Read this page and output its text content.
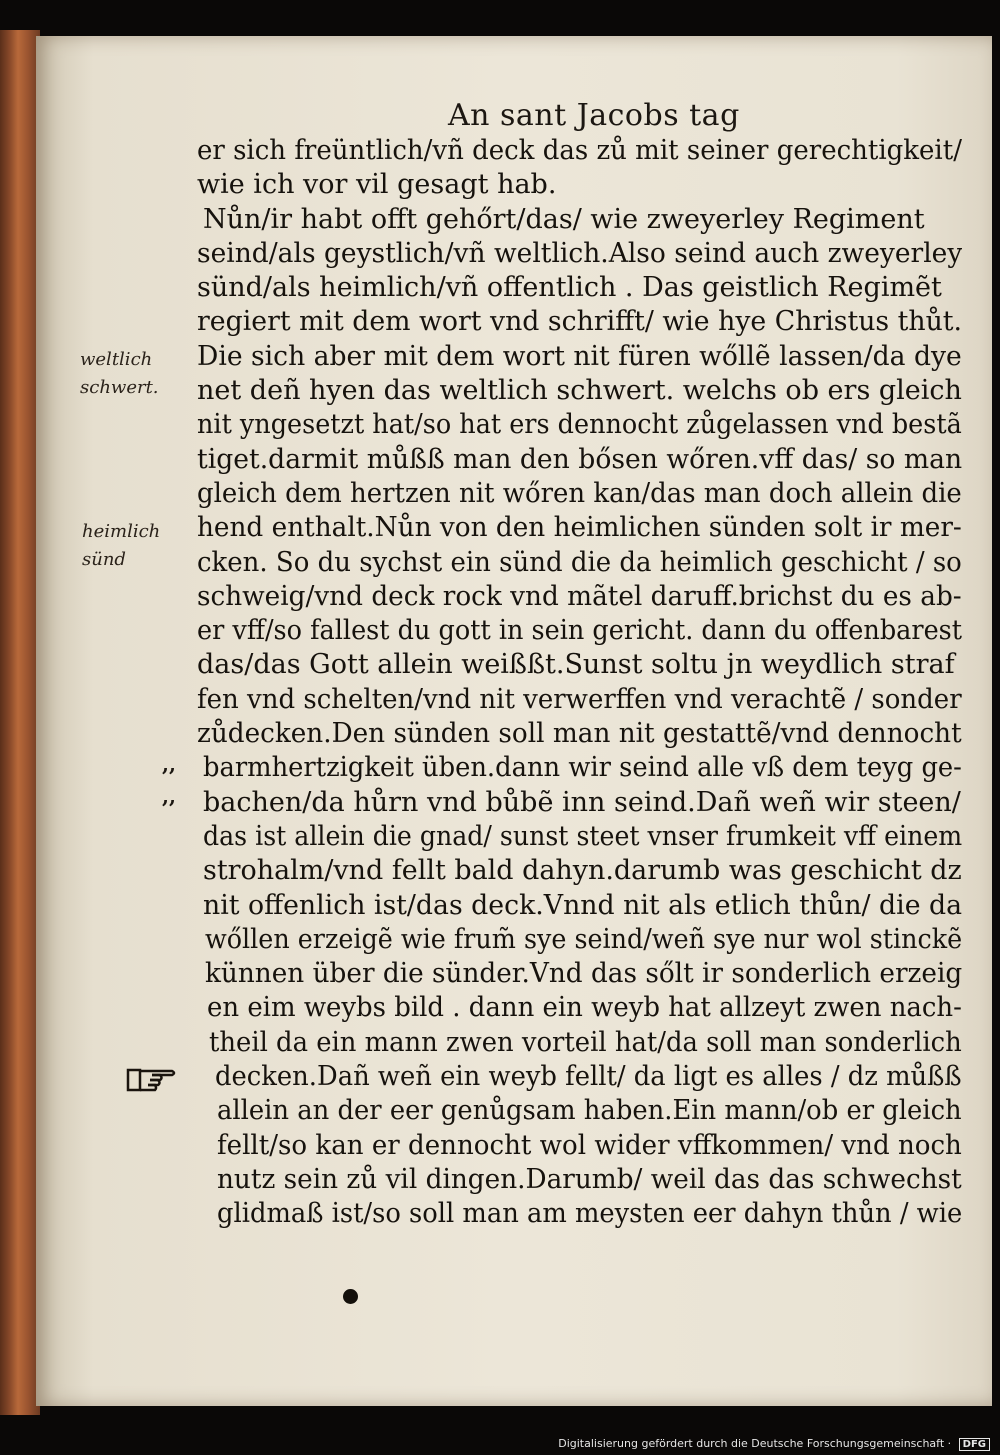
An sant Jacobs tag
er sich freüntlich/vñ deck das zů mit seiner gerechtigkeit/
wie ich vor vil gesagt hab.
Nůn/ir habt offt gehőrt/das/ wie zweyerley Regiment
seind/als geystlich/vñ weltlich.Also seind auch zweyerley
sünd/als heimlich/vñ offentlich . Das geistlich Regimẽt
regiert mit dem wort vnd schrifft/ wie hye Christus thůt.
Die sich aber mit dem wort nit füren wőllẽ lassen/da dye
net deñ hyen das weltlich schwert. welchs ob ers gleich
nit yngesetzt hat/so hat ers dennocht zůgelassen vnd bestã
tiget.darmit můßß man den bősen wőren.vff das/ so man
gleich dem hertzen nit wőren kan/das man doch allein die
hend enthalt.Nůn von den heimlichen sünden solt ir mer-
cken. So du sychst ein sünd die da heimlich geschicht / so
schweig/vnd deck rock vnd mãtel daruff.brichst du es ab-
er vff/so fallest du gott in sein gericht. dann du offenbarest
das/das Gott allein weißßt.Sunst soltu jn weydlich straf
fen vnd schelten/vnd nit verwerffen vnd verachtẽ / sonder
zůdecken.Den sünden soll man nit gestattẽ/vnd dennocht
barmhertzigkeit üben.dann wir seind alle vß dem teyg ge-
bachen/da hůrn vnd bůbẽ inn seind.Dañ weñ wir steen/
das ist allein die gnad/ sunst steet vnser frumkeit vff einem
strohalm/vnd fellt bald dahyn.darumb was geschicht dz
nit offenlich ist/das deck.Vnnd nit als etlich thůn/ die da
wőllen erzeigẽ wie frum̃ sye seind/weñ sye nur wol stinckẽ
künnen über die sünder.Vnd das sőlt ir sonderlich erzeig
en eim weybs bild . dann ein weyb hat allzeyt zwen nach-
theil da ein mann zwen vorteil hat/da soll man sonderlich
decken.Dañ weñ ein weyb fellt/ da ligt es alles / dz můßß
allein an der eer genůgsam haben.Ein mann/ob er gleich
fellt/so kan er dennocht wol wider vffkommen/ vnd noch
nutz sein zů vil dingen.Darumb/ weil das das schwechst
glidmaß ist/so soll man am meysten eer dahyn thůn / wie
weltlich
schwert.
heimlich
sünd
,,
,,
Digitalisierung gefördert durch die Deutsche Forschungsgemeinschaft · DFG
